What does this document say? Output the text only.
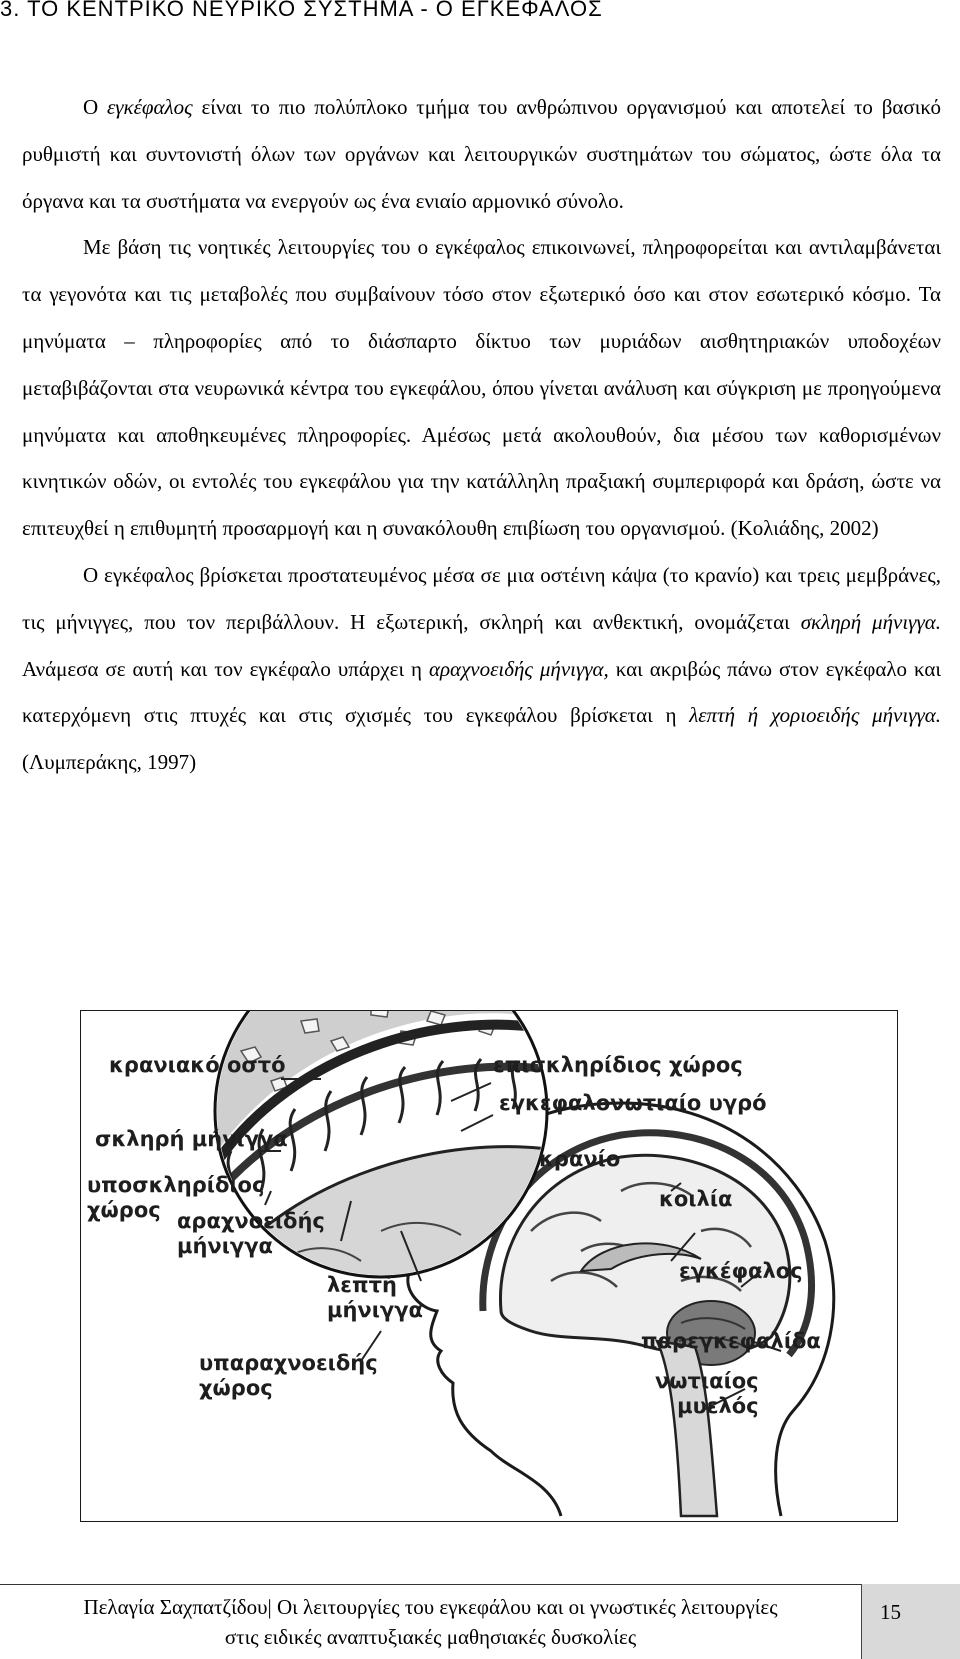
3. ΤΟ ΚΕΝΤΡΙΚΟ ΝΕΥΡΙΚΟ ΣΥΣΤΗΜΑ - Ο ΕΓΚΕΦΑΛΟΣ

Ο εγκέφαλος είναι το πιο πολύπλοκο τμήμα του ανθρώπινου οργανισμού και αποτελεί το βασικό ρυθμιστή και συντονιστή όλων των οργάνων και λειτουργικών συστημάτων του σώματος, ώστε όλα τα όργανα και τα συστήματα να ενεργούν ως ένα ενιαίο αρμονικό σύνολο.

Με βάση τις νοητικές λειτουργίες του ο εγκέφαλος επικοινωνεί, πληροφορείται και αντιλαμβάνεται τα γεγονότα και τις μεταβολές που συμβαίνουν τόσο στον εξωτερικό όσο και στον εσωτερικό κόσμο. Τα μηνύματα – πληροφορίες από το διάσπαρτο δίκτυο των μυριάδων αισθητηριακών υποδοχέων μεταβιβάζονται στα νευρωνικά κέντρα του εγκεφάλου, όπου γίνεται ανάλυση και σύγκριση με προηγούμενα μηνύματα και αποθηκευμένες πληροφορίες. Αμέσως μετά ακολουθούν, δια μέσου των καθορισμένων κινητικών οδών, οι εντολές του εγκεφάλου για την κατάλληλη πραξιακή συμπεριφορά και δράση, ώστε να επιτευχθεί η επιθυμητή προσαρμογή και η συνακόλουθη επιβίωση του οργανισμού. (Κολιάδης, 2002)

Ο εγκέφαλος βρίσκεται προστατευμένος μέσα σε μια οστέινη κάψα (το κρανίο) και τρεις μεμβράνες, τις μήνιγγες, που τον περιβάλλουν. Η εξωτερική, σκληρή και ανθεκτική, ονομάζεται σκληρή μήνιγγα. Ανάμεσα σε αυτή και τον εγκέφαλο υπάρχει η αραχνοειδής μήνιγγα, και ακριβώς πάνω στον εγκέφαλο και κατερχόμενη στις πτυχές και στις σχισμές του εγκεφάλου βρίσκεται η λεπτή ή χοριοειδής μήνιγγα. (Λυμπεράκης, 1997)

κρανιακό οστό
σκληρή μήνιγγα
υποσκληρίδιος
χώρος αραχνοειδής
μήνιγγα
λεπτή
μήνιγγα
υπαραχνοειδής
χώρος
επισκληρίδιος χώρος
εγκεφαλονωτιαίο υγρό
κρανίο
κοιλία
εγκέφαλος
παρεγκεφαλίδα
νωτιαίος
μυελός
Πελαγία Σαχπατζίδου| Οι λειτουργίες του εγκεφάλου και οι γνωστικές λειτουργίες
στις ειδικές αναπτυξιακές μαθησιακές δυσκολίες
15
